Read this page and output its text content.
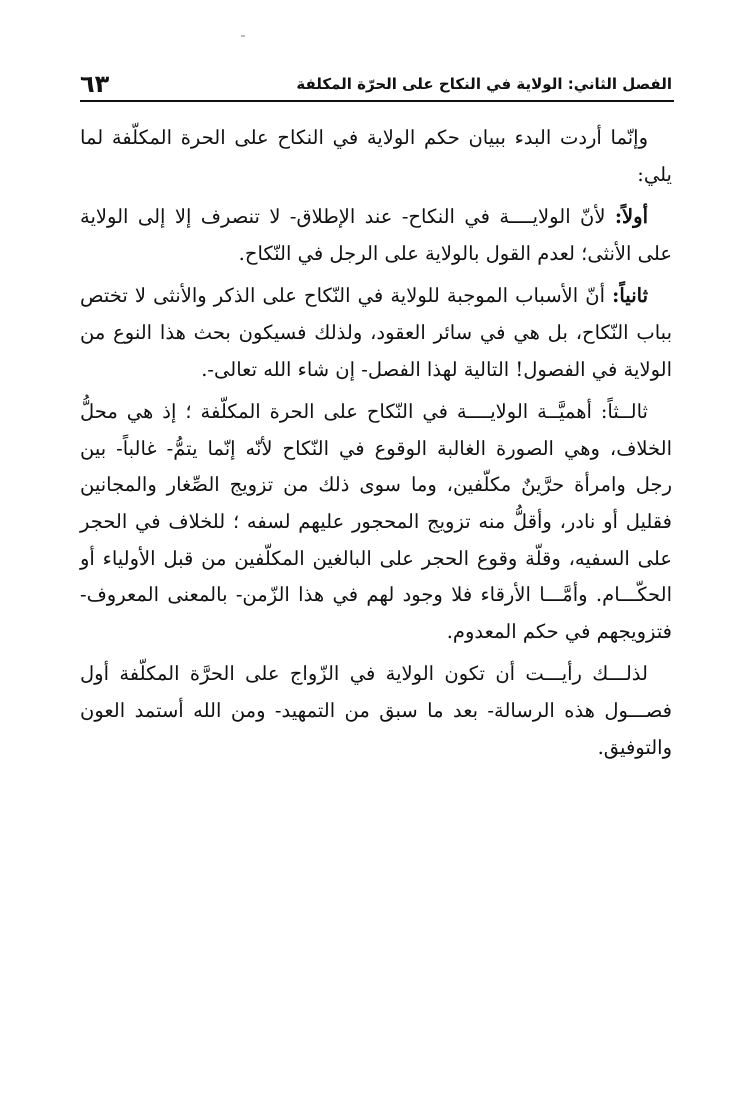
الفصل الثاني: الولاية في النكاح على الحرّة المكلفة
٦٣

وإنّما أردت البدء ببيان حكم الولاية في النكاح على الحرة المكلّفة لما يلي:

أولاً: لأنّ الولايــــة في النكاح- عند الإطلاق- لا تنصرف إلا إلى الولاية على الأنثى؛ لعدم القول بالولاية على الرجل في النّكاح.

ثانياً: أنّ الأسباب الموجبة للولاية في النّكاح على الذكر والأنثى لا تختص بباب النّكاح، بل هي في سائر العقود، ولذلك فسيكون بحث هذا النوع من الولاية في الفصول! التالية لهذا الفصل- إن شاء الله تعالى-.

ثالــثاً: أهميَّــة الولايــــة في النّكاح على الحرة المكلّفة ؛ إذ هي محلُّ الخلاف، وهي الصورة الغالبة الوقوع في النّكاح لأنّه إنّما يتمُّ- غالباً- بين رجل وامرأة حرَّينٌ مكلّفين، وما سوى ذلك من تزويج الصِّغار والمجانين فقليل أو نادر، وأقلُّ منه تزويج المحجور عليهم لسفه ؛ للخلاف في الحجر على السفيه، وقلّة وقوع الحجر على البالغين المكلّفين من قبل الأولياء أو الحكّـــام. وأمَّـــا الأرقاء فلا وجود لهم في هذا الزّمن- بالمعنى المعروف- فتزويجهم في حكم المعدوم.

لذلـــك رأيـــت أن تكون الولاية في الزّواج على الحرَّة المكلّفة أول فصـــول هذه الرسالة- بعد ما سبق من التمهيد- ومن الله أستمد العون والتوفيق.
